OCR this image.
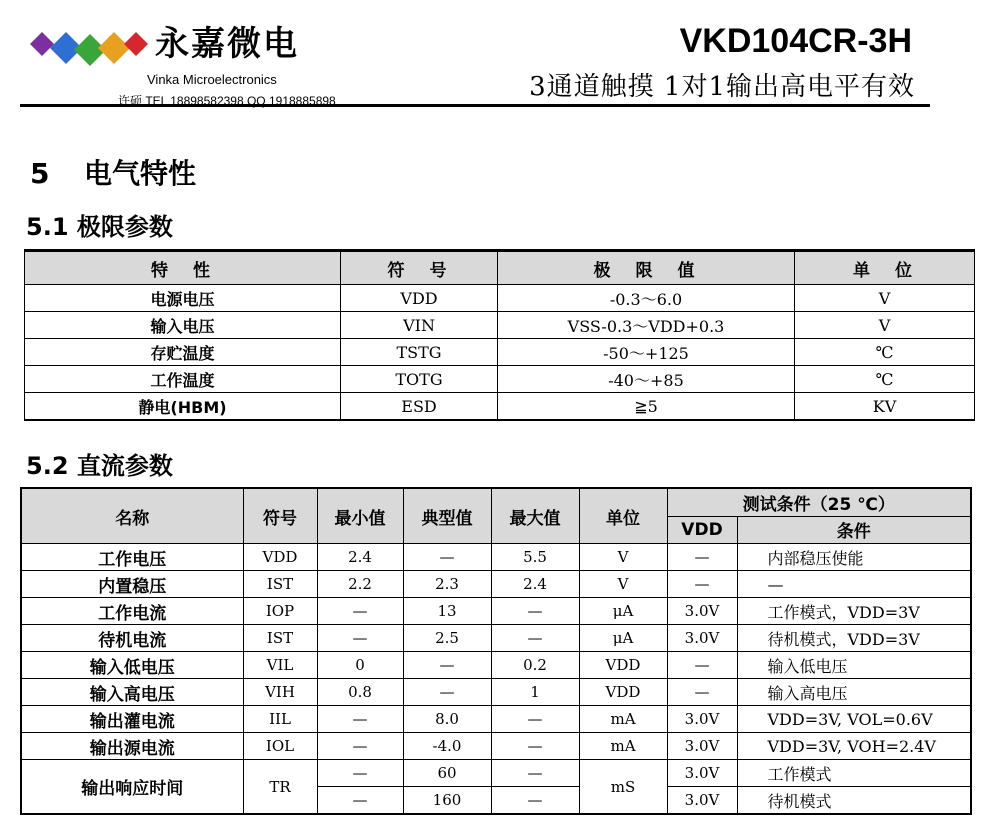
永嘉微电
Vinka Microelectronics
许硕 TEL 18898582398 QQ 1918885898
VKD104CR-3H
3通道触摸 1对1输出高电平有效
5 电气特性
5.1 极限参数
特　性	符　号	极　限　值	单　位
电源电压	VDD	-0.3～6.0	V
输入电压	VIN	VSS-0.3～VDD+0.3	V
存贮温度	TSTG	-50～+125	℃
工作温度	TOTG	-40～+85	℃
静电(HBM)	ESD	≧5	KV
5.2 直流参数
名称	符号	最小值	典型值	最大值	单位	测试条件（25 ℃）	
						VDD	条件
工作电压	VDD	2.4	—	5.5	V	—	内部稳压使能
内置稳压	IST	2.2	2.3	2.4	V	—	—
工作电流	IOP	—	13	—	μA	3.0V	工作模式，VDD=3V
待机电流	IST	—	2.5	—	μA	3.0V	待机模式，VDD=3V
输入低电压	VIL	0	—	0.2	VDD	—	输入低电压
输入高电压	VIH	0.8	—	1	VDD	—	输入高电压
输出灌电流	IIL	—	8.0	—	mA	3.0V	VDD=3V, VOL=0.6V
输出源电流	IOL	—	-4.0	—	mA	3.0V	VDD=3V, VOH=2.4V
输出响应时间	TR	—	60	—	mS	3.0V	工作模式
		—	160	—		3.0V	待机模式
